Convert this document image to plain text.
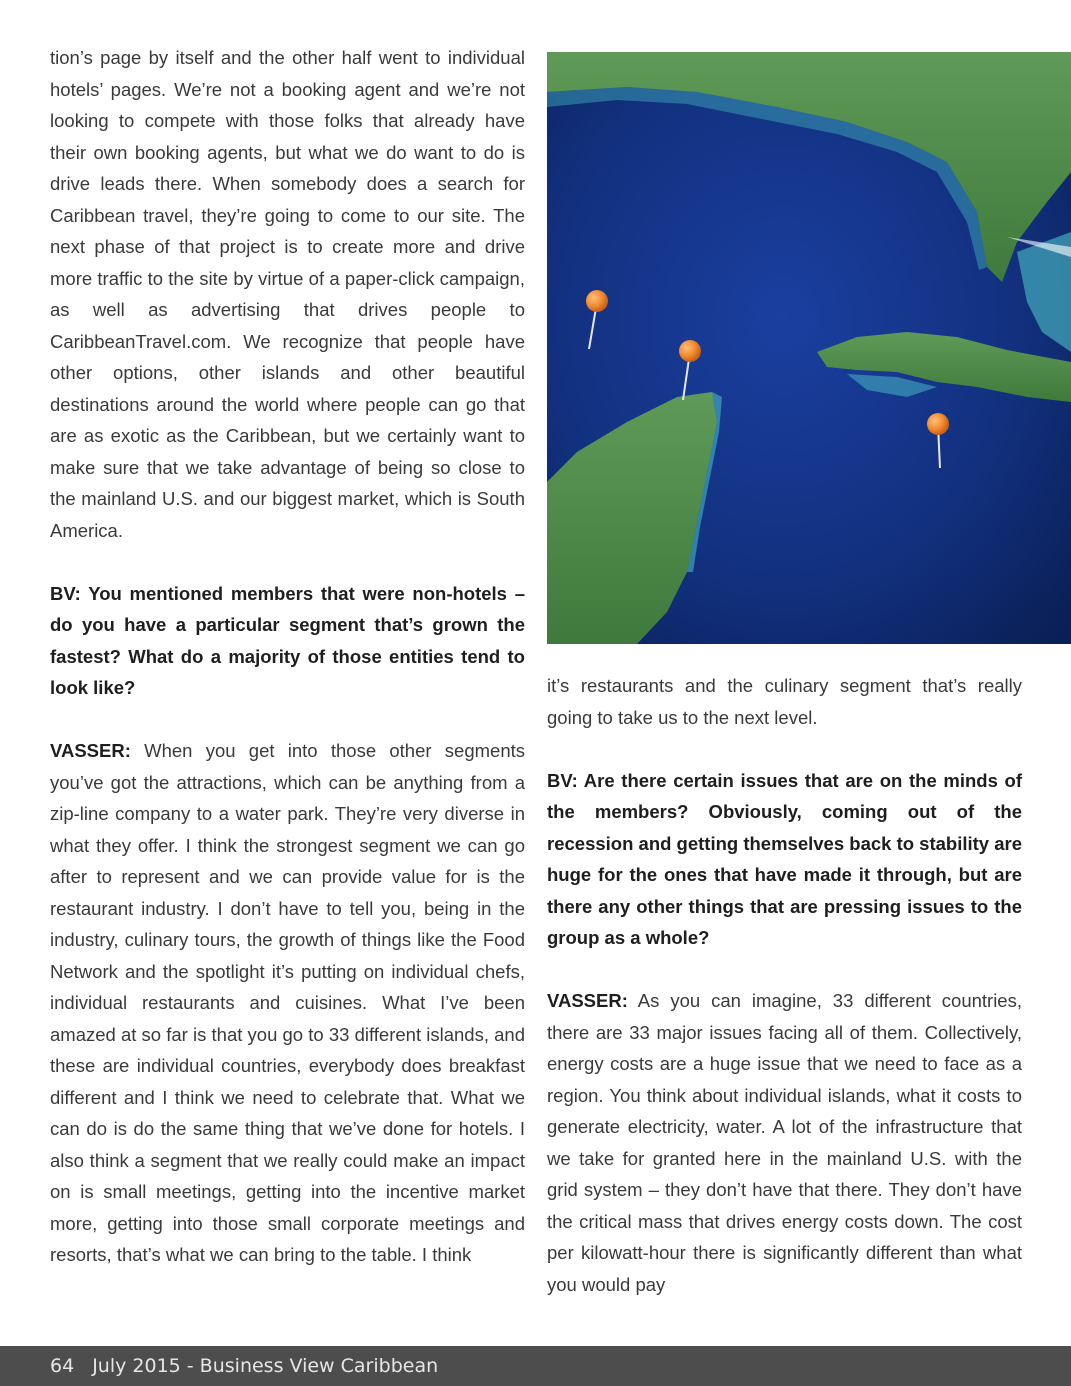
tion’s page by itself and the other half went to individual hotels’ pages. We’re not a booking agent and we’re not looking to compete with those folks that already have their own booking agents, but what we do want to do is drive leads there. When somebody does a search for Caribbean travel, they’re going to come to our site. The next phase of that project is to create more and drive more traffic to the site by virtue of a paper-click campaign, as well as advertising that drives people to CaribbeanTravel.com. We recognize that people have other options, other islands and other beautiful destinations around the world where people can go that are as exotic as the Caribbean, but we certainly want to make sure that we take advantage of being so close to the mainland U.S. and our biggest market, which is South America.

BV: You mentioned members that were non-hotels – do you have a particular segment that’s grown the fastest? What do a majority of those entities tend to look like?

VASSER: When you get into those other segments you’ve got the attractions, which can be anything from a zip-line company to a water park. They’re very diverse in what they offer. I think the strongest segment we can go after to represent and we can provide value for is the restaurant industry. I don’t have to tell you, being in the industry, culinary tours, the growth of things like the Food Network and the spotlight it’s putting on individual chefs, individual restaurants and cuisines. What I’ve been amazed at so far is that you go to 33 different islands, and these are individual countries, everybody does breakfast different and I think we need to celebrate that. What we can do is do the same thing that we’ve done for hotels. I also think a segment that we really could make an impact on is small meetings, getting into the incentive market more, getting into those small corporate meetings and resorts, that’s what we can bring to the table. I think

it’s restaurants and the culinary segment that’s really going to take us to the next level.

BV: Are there certain issues that are on the minds of the members? Obviously, coming out of the recession and getting themselves back to stability are huge for the ones that have made it through, but are there any other things that are pressing issues to the group as a whole?

VASSER: As you can imagine, 33 different countries, there are 33 major issues facing all of them. Collectively, energy costs are a huge issue that we need to face as a region. You think about individual islands, what it costs to generate electricity, water. A lot of the infrastructure that we take for granted here in the mainland U.S. with the grid system – they don’t have that there. They don’t have the critical mass that drives energy costs down. The cost per kilowatt-hour there is significantly different than what you would pay

64 July 2015 - Business View Caribbean
